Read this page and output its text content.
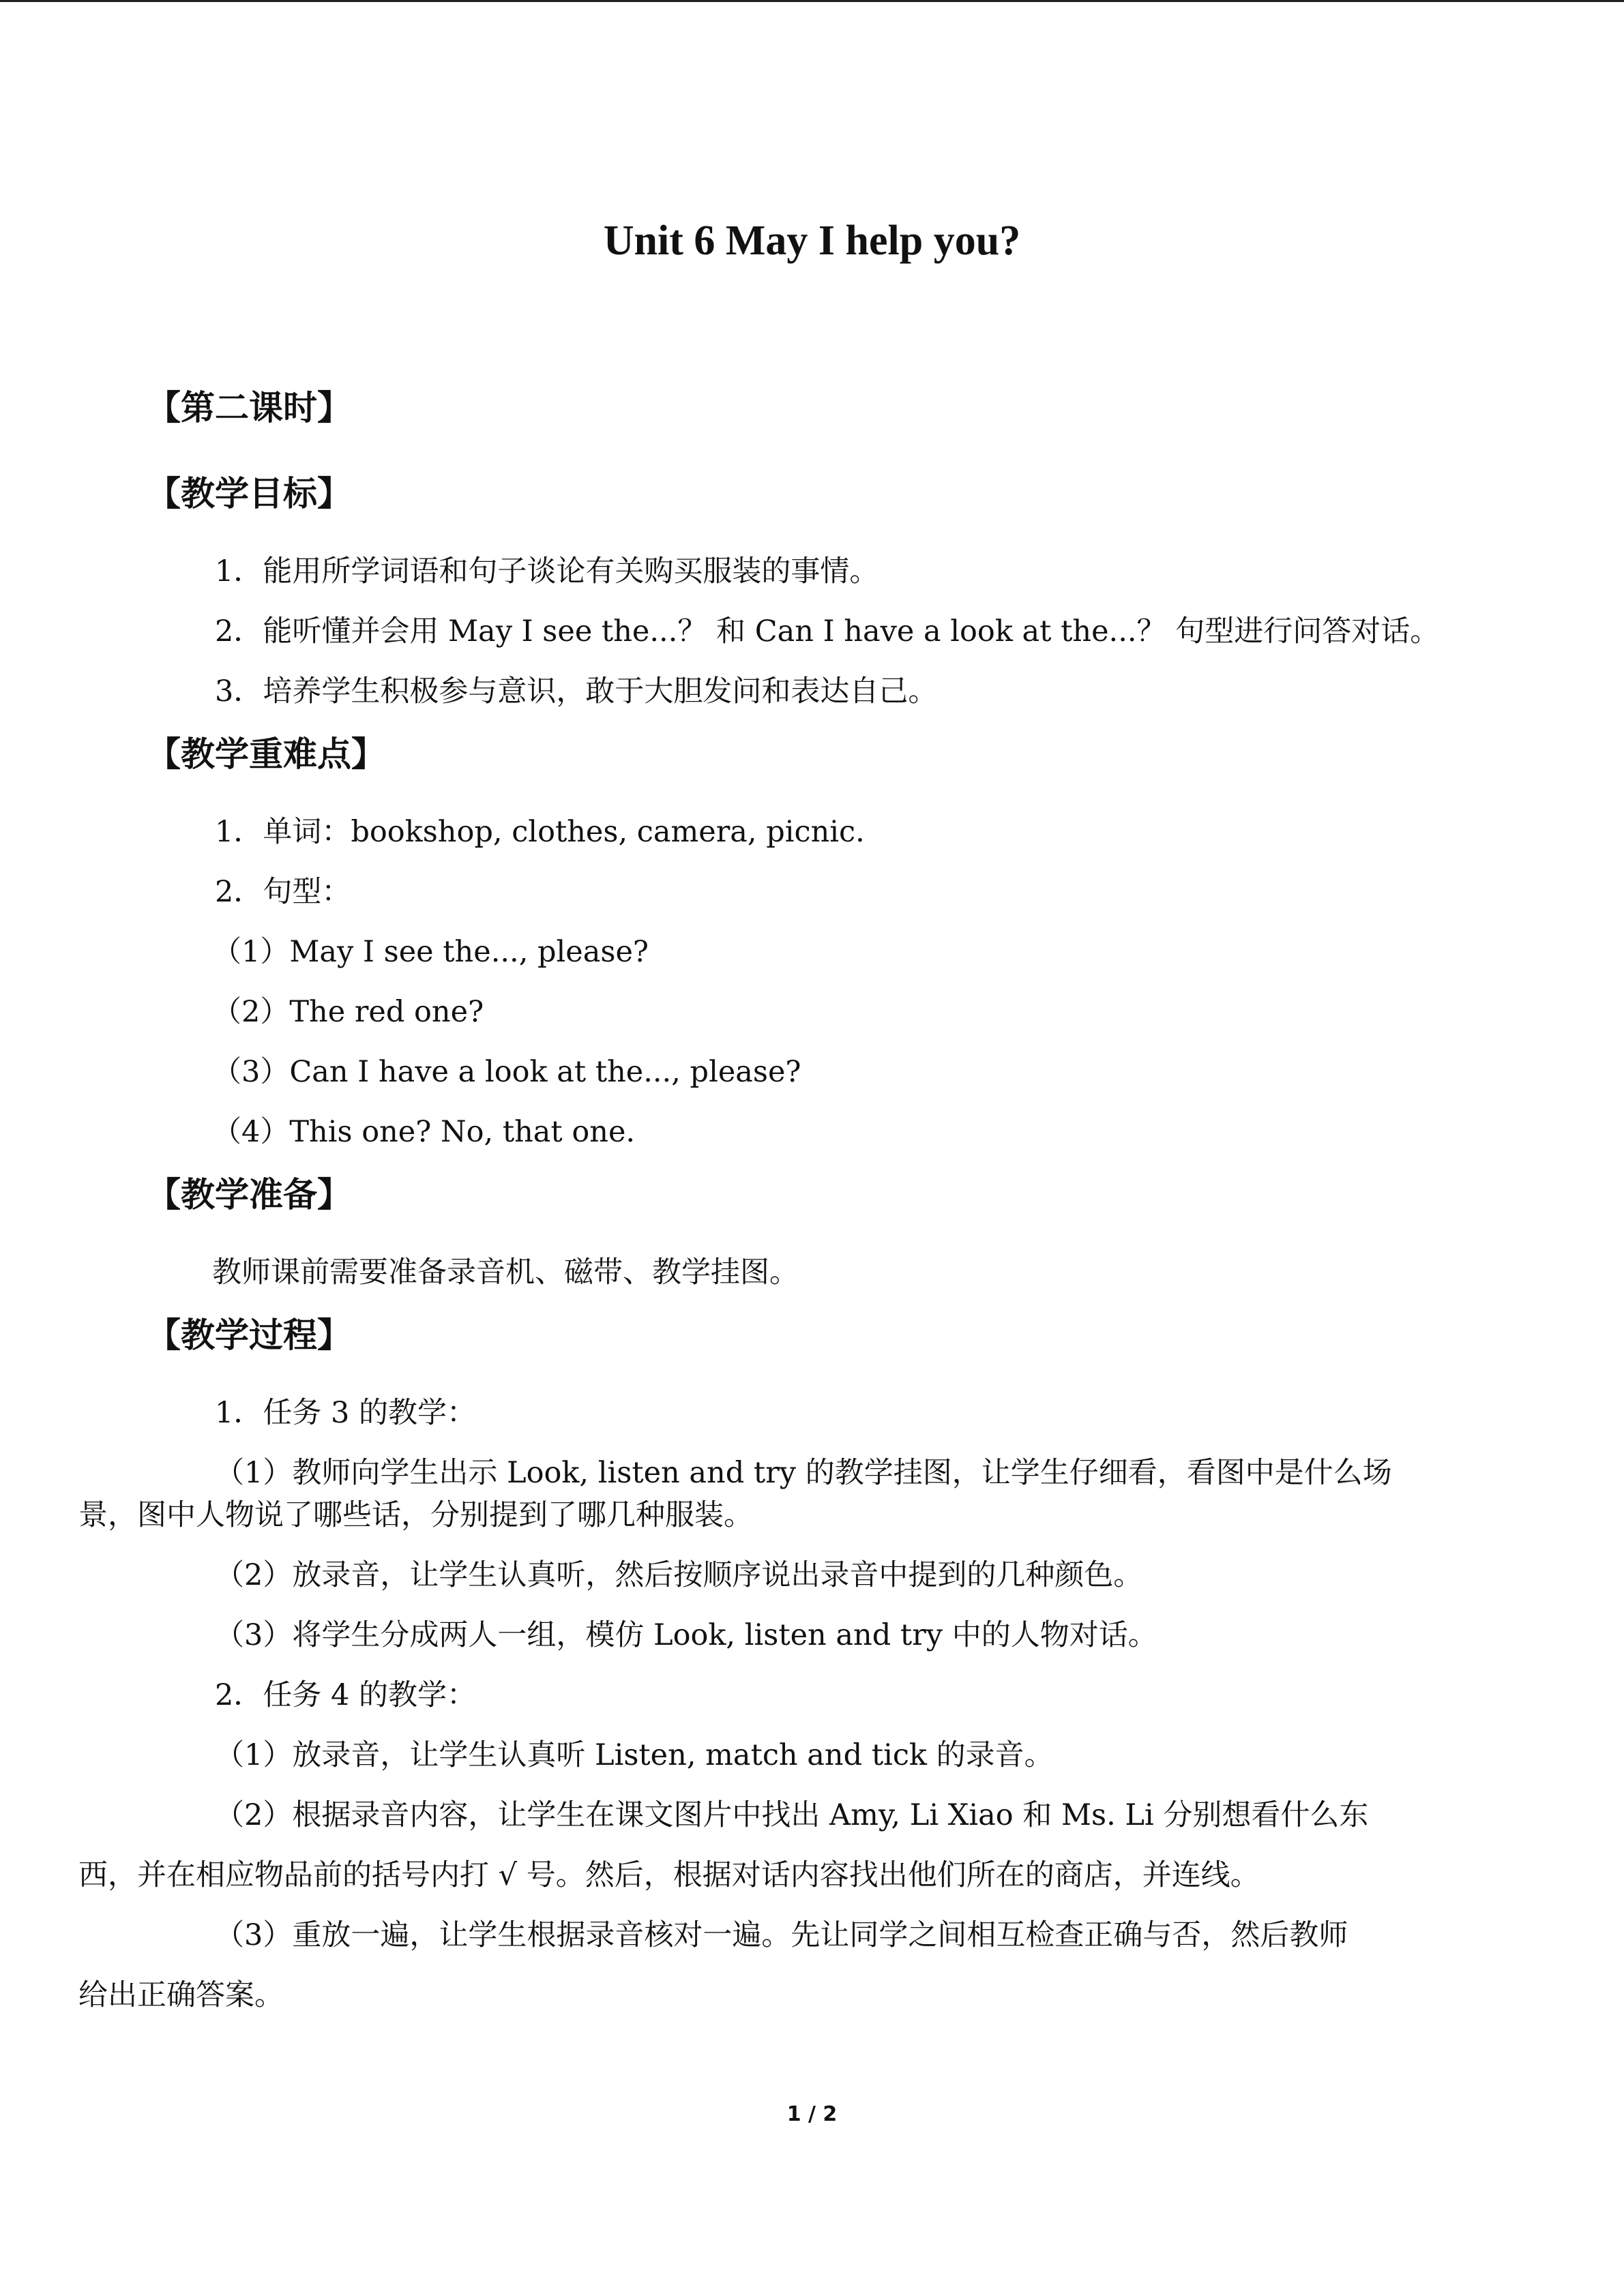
Unit 6 May I help you?
【第二课时】
【教学目标】
1．能用所学词语和句子谈论有关购买服装的事情。
2．能听懂并会用 May I see the...？ 和 Can I have a look at the...？ 句型进行问答对话。
3．培养学生积极参与意识，敢于大胆发问和表达自己。
【教学重难点】
1．单词：bookshop, clothes, camera, picnic.
2．句型：
（1）May I see the..., please?
（2）The red one?
（3）Can I have a look at the..., please?
（4）This one? No, that one.
【教学准备】
教师课前需要准备录音机、磁带、教学挂图。
【教学过程】
1．任务 3 的教学：
（1）教师向学生出示 Look, listen and try 的教学挂图，让学生仔细看，看图中是什么场
景，图中人物说了哪些话，分别提到了哪几种服装。
（2）放录音，让学生认真听，然后按顺序说出录音中提到的几种颜色。
（3）将学生分成两人一组，模仿 Look, listen and try 中的人物对话。
2．任务 4 的教学：
（1）放录音，让学生认真听 Listen, match and tick 的录音。
（2）根据录音内容，让学生在课文图片中找出 Amy, Li Xiao 和 Ms. Li 分别想看什么东
西，并在相应物品前的括号内打 √ 号。然后，根据对话内容找出他们所在的商店，并连线。
（3）重放一遍，让学生根据录音核对一遍。先让同学之间相互检查正确与否，然后教师
给出正确答案。
1 / 2
